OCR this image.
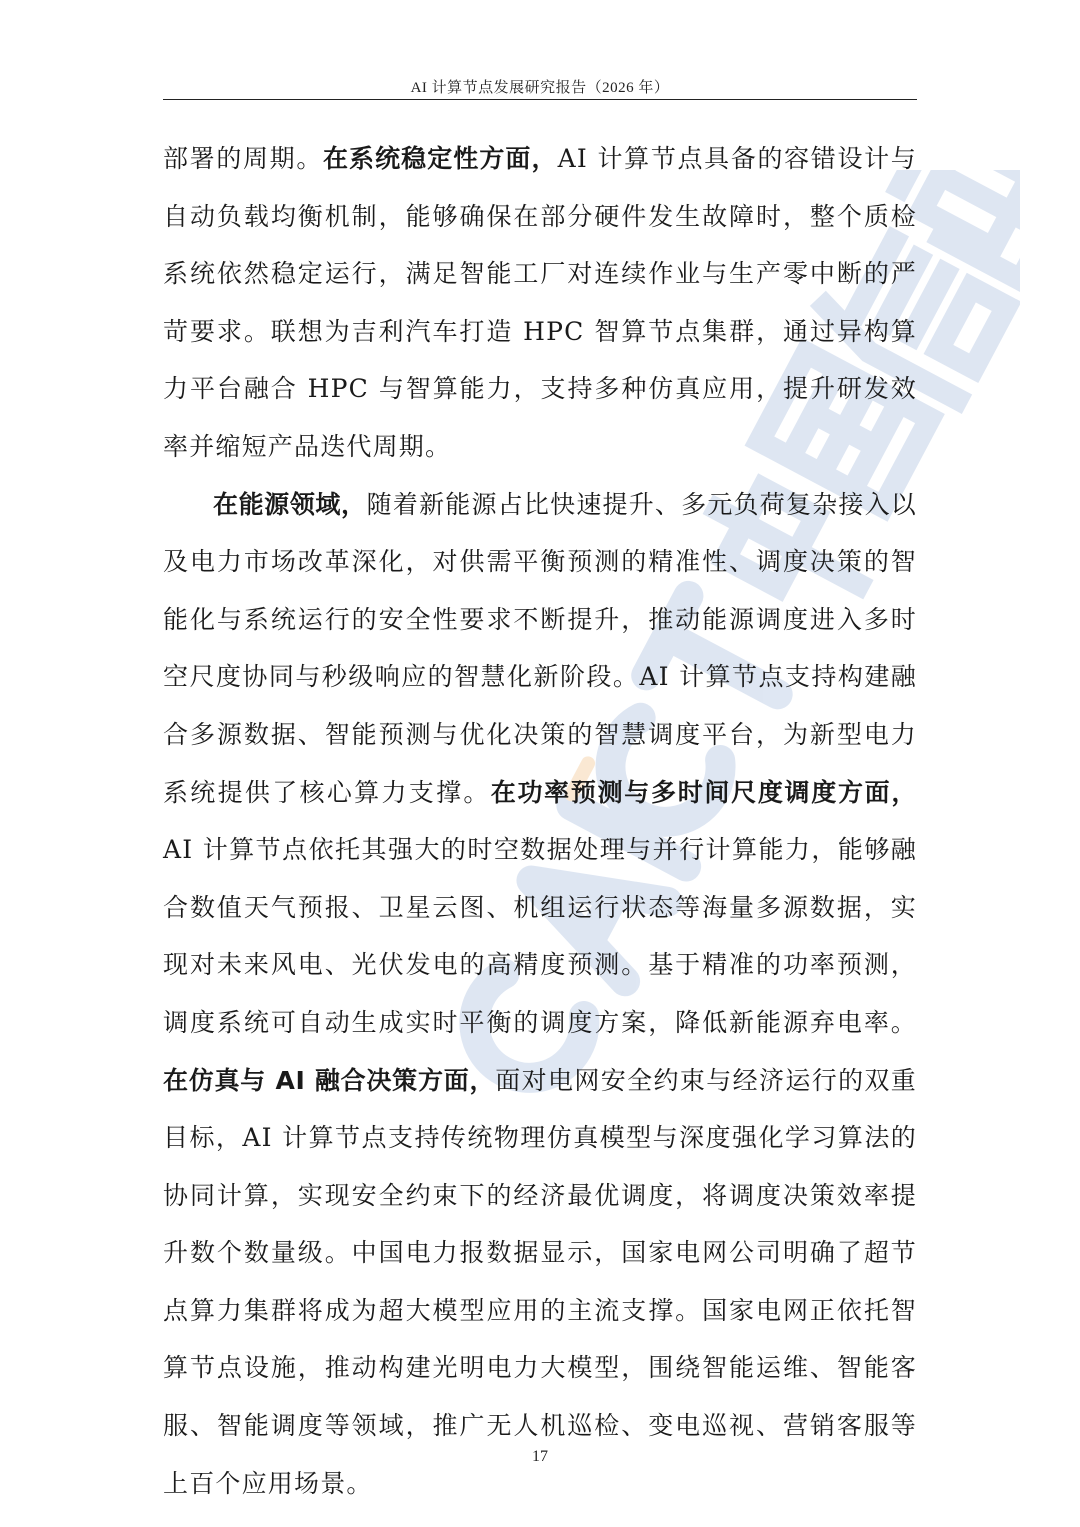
AI 计算节点发展研究报告（2026 年）

部署的周期。在系统稳定性方面，AI 计算节点具备的容错设计与自动负载均衡机制，能够确保在部分硬件发生故障时，整个质检系统依然稳定运行，满足智能工厂对连续作业与生产零中断的严苛要求。联想为吉利汽车打造 HPC 智算节点集群，通过异构算力平台融合 HPC 与智算能力，支持多种仿真应用，提升研发效率并缩短产品迭代周期。

在能源领域，随着新能源占比快速提升、多元负荷复杂接入以及电力市场改革深化，对供需平衡预测的精准性、调度决策的智能化与系统运行的安全性要求不断提升，推动能源调度进入多时空尺度协同与秒级响应的智慧化新阶段。AI 计算节点支持构建融合多源数据、智能预测与优化决策的智慧调度平台，为新型电力系统提供了核心算力支撑。在功率预测与多时间尺度调度方面，AI 计算节点依托其强大的时空数据处理与并行计算能力，能够融合数值天气预报、卫星云图、机组运行状态等海量多源数据，实现对未来风电、光伏发电的高精度预测。基于精准的功率预测，调度系统可自动生成实时平衡的调度方案，降低新能源弃电率。在仿真与 AI 融合决策方面，面对电网安全约束与经济运行的双重目标，AI 计算节点支持传统物理仿真模型与深度强化学习算法的协同计算，实现安全约束下的经济最优调度，将调度决策效率提升数个数量级。中国电力报数据显示，国家电网公司明确了超节点算力集群将成为超大模型应用的主流支撑。国家电网正依托智算节点设施，推动构建光明电力大模型，围绕智能运维、智能客服、智能调度等领域，推广无人机巡检、变电巡视、营销客服等上百个应用场景。

17
